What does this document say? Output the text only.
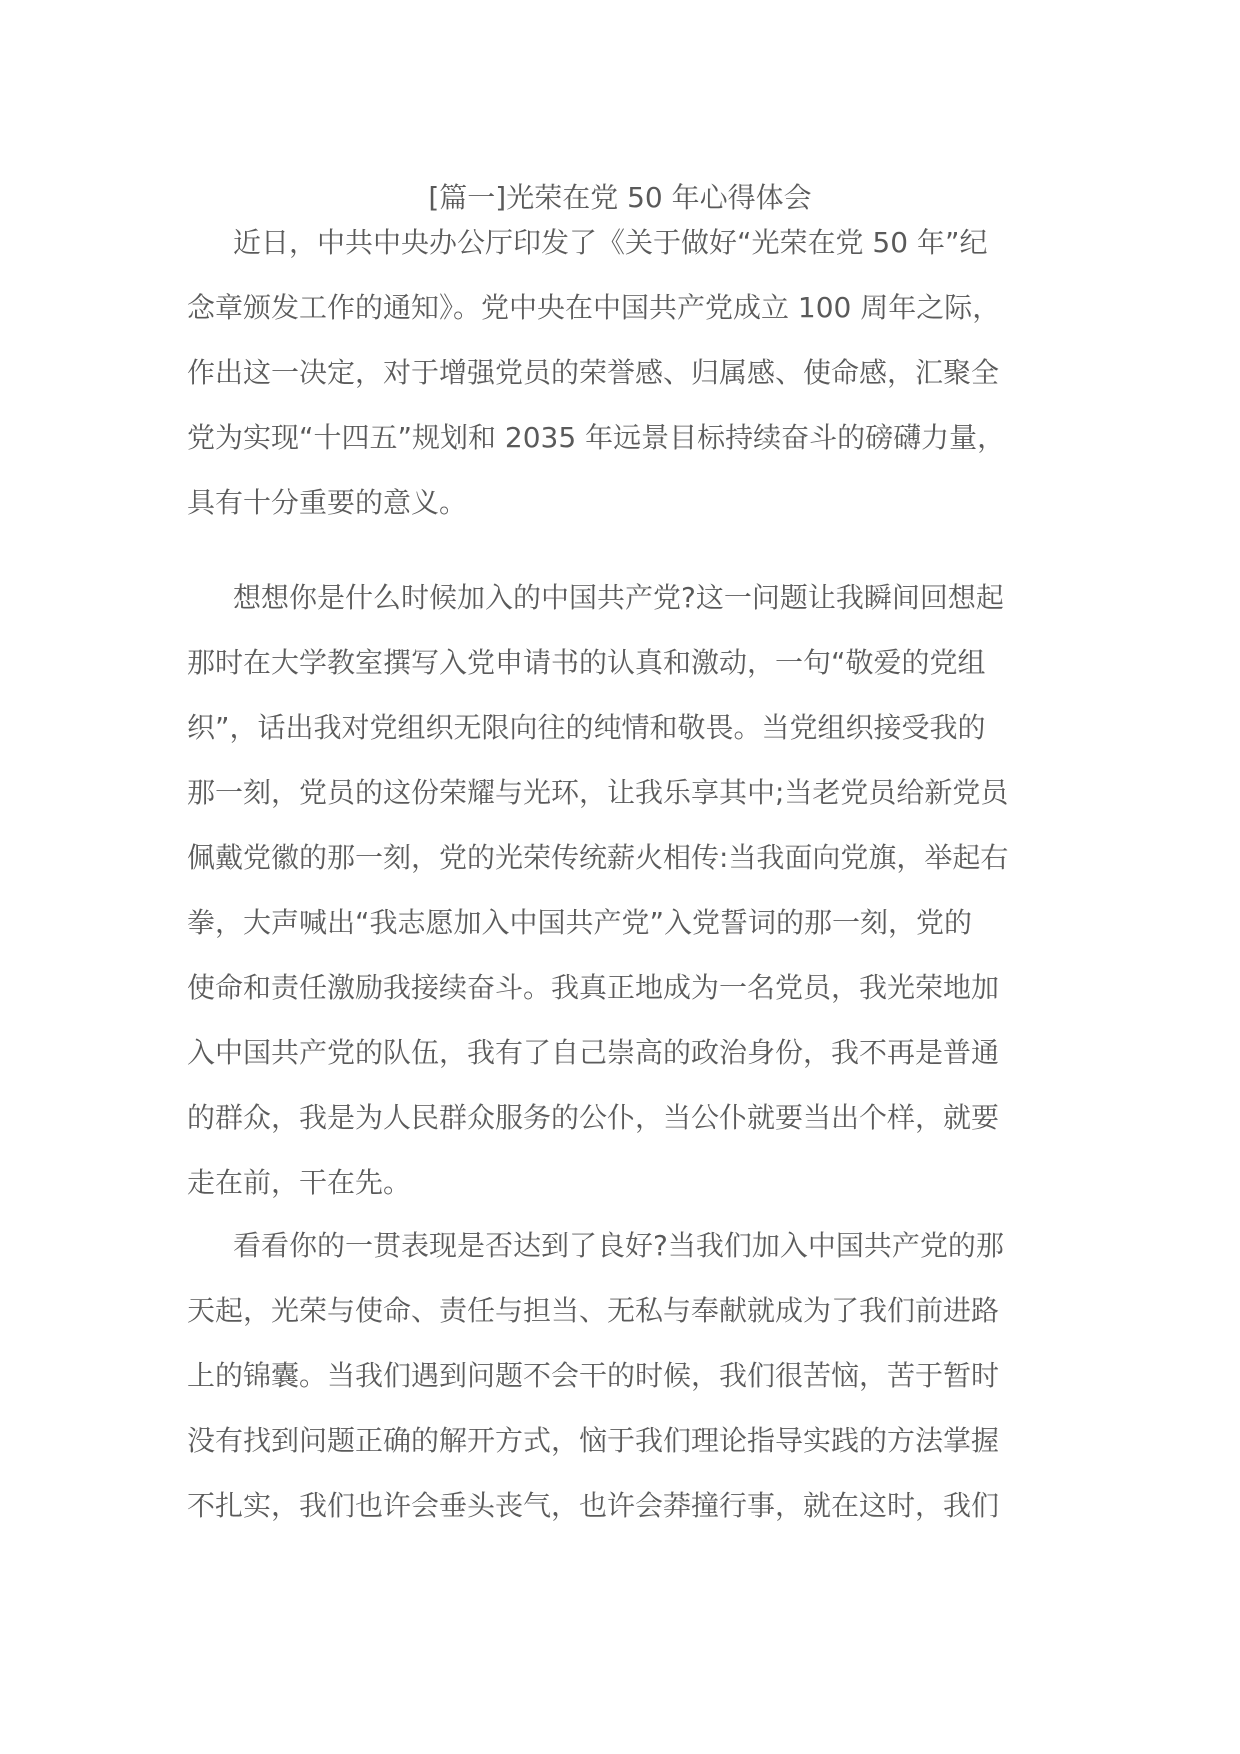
[篇一]光荣在党 50 年心得体会
近日，中共中央办公厅印发了《关于做好“光荣在党 50 年”纪
念章颁发工作的通知》。党中央在中国共产党成立 100 周年之际，
作出这一决定，对于增强党员的荣誉感、归属感、使命感，汇聚全
党为实现“十四五”规划和 2035 年远景目标持续奋斗的磅礴力量，
具有十分重要的意义。
想想你是什么时候加入的中国共产党?这一问题让我瞬间回想起
那时在大学教室撰写入党申请书的认真和激动，一句“敬爱的党组
织”，话出我对党组织无限向往的纯情和敬畏。当党组织接受我的
那一刻，党员的这份荣耀与光环，让我乐享其中;当老党员给新党员
佩戴党徽的那一刻，党的光荣传统薪火相传:当我面向党旗，举起右
拳，大声喊出“我志愿加入中国共产党”入党誓词的那一刻，党的
使命和责任激励我接续奋斗。我真正地成为一名党员，我光荣地加
入中国共产党的队伍，我有了自己崇高的政治身份，我不再是普通
的群众，我是为人民群众服务的公仆，当公仆就要当出个样，就要
走在前，干在先。
看看你的一贯表现是否达到了良好?当我们加入中国共产党的那
天起，光荣与使命、责任与担当、无私与奉献就成为了我们前进路
上的锦囊。当我们遇到问题不会干的时候，我们很苦恼，苦于暂时
没有找到问题正确的解开方式，恼于我们理论指导实践的方法掌握
不扎实，我们也许会垂头丧气，也许会莽撞行事，就在这时，我们
